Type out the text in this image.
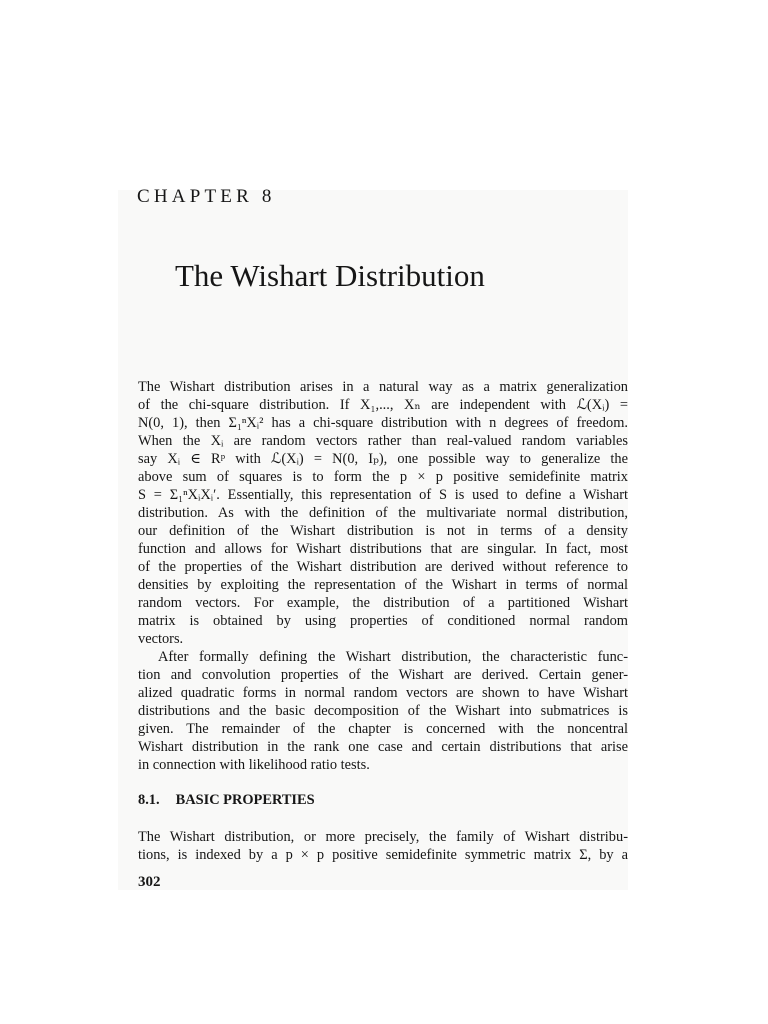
CHAPTER 8
The Wishart Distribution
The Wishart distribution arises in a natural way as a matrix generalization
of the chi-square distribution. If X₁,..., Xₙ are independent with ℒ(Xᵢ) =
N(0, 1), then Σ₁ⁿXᵢ² has a chi-square distribution with n degrees of freedom.
When the Xᵢ are random vectors rather than real-valued random variables
say Xᵢ ∈ Rᵖ with ℒ(Xᵢ) = N(0, Iₚ), one possible way to generalize the
above sum of squares is to form the p × p positive semidefinite matrix
S = Σ₁ⁿXᵢXᵢ′. Essentially, this representation of S is used to define a Wishart
distribution. As with the definition of the multivariate normal distribution,
our definition of the Wishart distribution is not in terms of a density
function and allows for Wishart distributions that are singular. In fact, most
of the properties of the Wishart distribution are derived without reference to
densities by exploiting the representation of the Wishart in terms of normal
random vectors. For example, the distribution of a partitioned Wishart
matrix is obtained by using properties of conditioned normal random
vectors.
After formally defining the Wishart distribution, the characteristic func-
tion and convolution properties of the Wishart are derived. Certain gener-
alized quadratic forms in normal random vectors are shown to have Wishart
distributions and the basic decomposition of the Wishart into submatrices is
given. The remainder of the chapter is concerned with the noncentral
Wishart distribution in the rank one case and certain distributions that arise
in connection with likelihood ratio tests.
8.1. BASIC PROPERTIES
The Wishart distribution, or more precisely, the family of Wishart distribu-
tions, is indexed by a p × p positive semidefinite symmetric matrix Σ, by a
302
